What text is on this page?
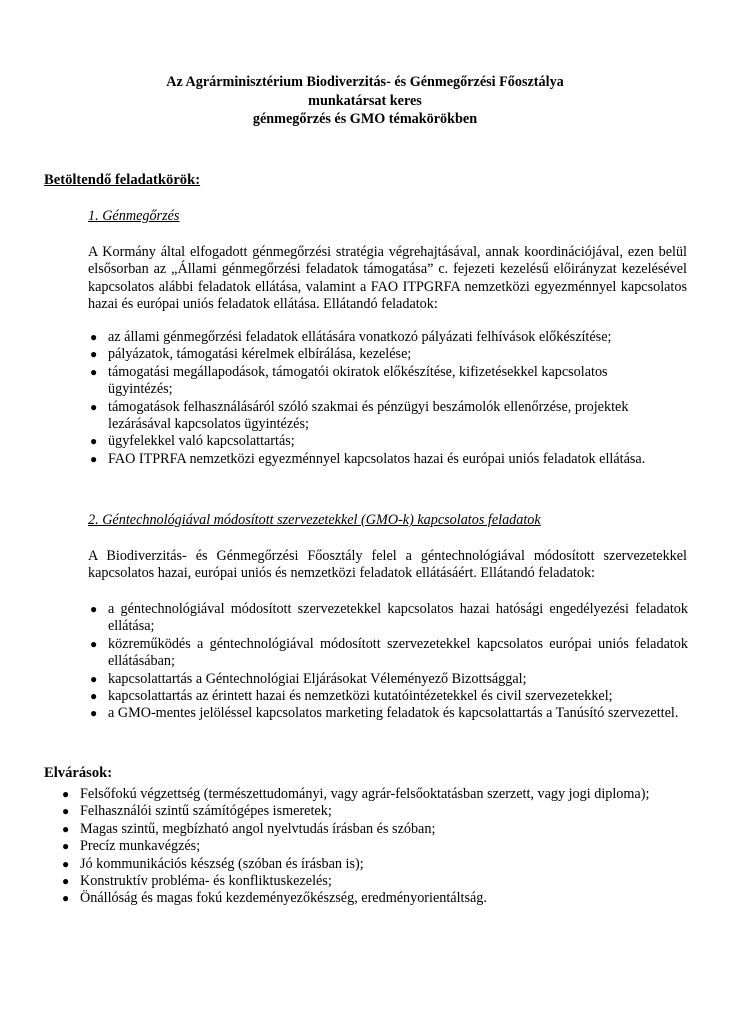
Az Agrárminisztérium Biodiverzitás- és Génmegőrzési Főosztálya
munkatársat keres
génmegőrzés és GMO témakörökben
Betöltendő feladatkörök:
1. Génmegőrzés
A Kormány által elfogadott génmegőrzési stratégia végrehajtásával, annak koordinációjával, ezen belül elsősorban az „Állami génmegőrzési feladatok támogatása” c. fejezeti kezelésű előirányzat kezelésével kapcsolatos alábbi feladatok ellátása, valamint a FAO ITPGRFA nemzetközi egyezménnyel kapcsolatos hazai és európai uniós feladatok ellátása. Ellátandó feladatok:
● az állami génmegőrzési feladatok ellátására vonatkozó pályázati felhívások előkészítése;
● pályázatok, támogatási kérelmek elbírálása, kezelése;
● támogatási megállapodások, támogatói okiratok előkészítése, kifizetésekkel kapcsolatos ügyintézés;
● támogatások felhasználásáról szóló szakmai és pénzügyi beszámolók ellenőrzése, projektek lezárásával kapcsolatos ügyintézés;
● ügyfelekkel való kapcsolattartás;
● FAO ITPRFA nemzetközi egyezménnyel kapcsolatos hazai és európai uniós feladatok ellátása.
2. Géntechnológiával módosított szervezetekkel (GMO-k) kapcsolatos feladatok
A Biodiverzitás- és Génmegőrzési Főosztály felel a géntechnológiával módosított szervezetekkel kapcsolatos hazai, európai uniós és nemzetközi feladatok ellátásáért. Ellátandó feladatok:
● a géntechnológiával módosított szervezetekkel kapcsolatos hazai hatósági engedélyezési feladatok ellátása;
● közreműködés a géntechnológiával módosított szervezetekkel kapcsolatos európai uniós feladatok ellátásában;
● kapcsolattartás a Géntechnológiai Eljárásokat Véleményező Bizottsággal;
● kapcsolattartás az érintett hazai és nemzetközi kutatóintézetekkel és civil szervezetekkel;
● a GMO-mentes jelöléssel kapcsolatos marketing feladatok és kapcsolattartás a Tanúsító szervezettel.
Elvárások:
● Felsőfokú végzettség (természettudományi, vagy agrár-felsőoktatásban szerzett, vagy jogi diploma);
● Felhasználói szintű számítógépes ismeretek;
● Magas szintű, megbízható angol nyelvtudás írásban és szóban;
● Precíz munkavégzés;
● Jó kommunikációs készség (szóban és írásban is);
● Konstruktív probléma- és konfliktuskezelés;
● Önállóság és magas fokú kezdeményezőkészség, eredményorientáltság.
